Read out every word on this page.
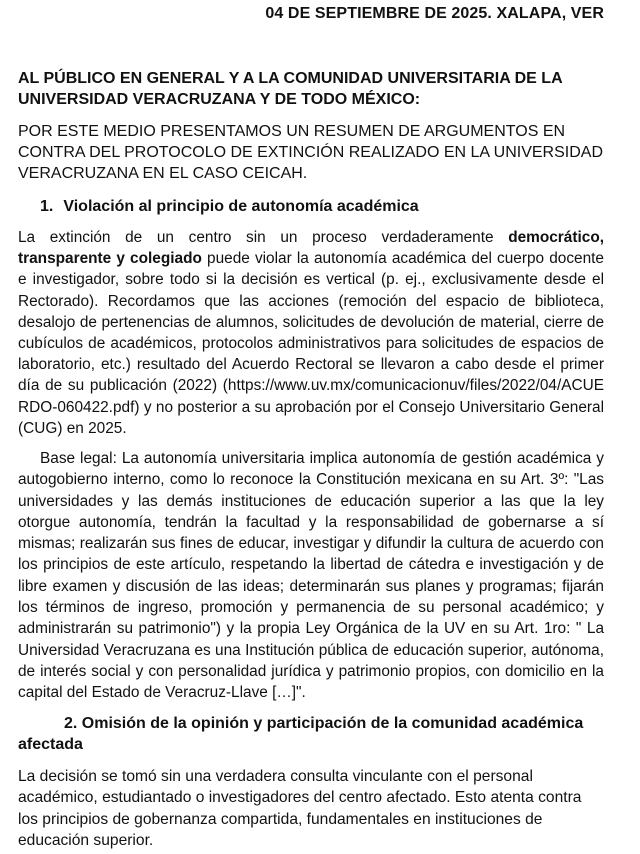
04 DE SEPTIEMBRE DE 2025. XALAPA, VER
AL PÚBLICO EN GENERAL Y A LA COMUNIDAD UNIVERSITARIA DE LA UNIVERSIDAD VERACRUZANA Y DE TODO MÉXICO:
POR ESTE MEDIO PRESENTAMOS UN RESUMEN DE ARGUMENTOS EN CONTRA DEL PROTOCOLO DE EXTINCIÓN REALIZADO EN LA UNIVERSIDAD VERACRUZANA EN EL CASO CEICAH.
1. Violación al principio de autonomía académica
La extinción de un centro sin un proceso verdaderamente democrático, transparente y colegiado puede violar la autonomía académica del cuerpo docente e investigador, sobre todo si la decisión es vertical (p. ej., exclusivamente desde el Rectorado). Recordamos que las acciones (remoción del espacio de biblioteca, desalojo de pertenencias de alumnos, solicitudes de devolución de material, cierre de cubículos de académicos, protocolos administrativos para solicitudes de espacios de laboratorio, etc.) resultado del Acuerdo Rectoral se llevaron a cabo desde el primer día de su publicación (2022) (https://www.uv.mx/comunicacionuv/files/2022/04/ACUERDO-060422.pdf) y no posterior a su aprobación por el Consejo Universitario General (CUG) en 2025.
Base legal: La autonomía universitaria implica autonomía de gestión académica y autogobierno interno, como lo reconoce la Constitución mexicana en su Art. 3º: "Las universidades y las demás instituciones de educación superior a las que la ley otorgue autonomía, tendrán la facultad y la responsabilidad de gobernarse a sí mismas; realizarán sus fines de educar, investigar y difundir la cultura de acuerdo con los principios de este artículo, respetando la libertad de cátedra e investigación y de libre examen y discusión de las ideas; determinarán sus planes y programas; fijarán los términos de ingreso, promoción y permanencia de su personal académico; y administrarán su patrimonio") y la propia Ley Orgánica de la UV en su Art. 1ro: " La Universidad Veracruzana es una Institución pública de educación superior, autónoma, de interés social y con personalidad jurídica y patrimonio propios, con domicilio en la capital del Estado de Veracruz-Llave […]".
2. Omisión de la opinión y participación de la comunidad académica afectada
La decisión se tomó sin una verdadera consulta vinculante con el personal académico, estudiantado o investigadores del centro afectado. Esto atenta contra los principios de gobernanza compartida, fundamentales en instituciones de educación superior.
